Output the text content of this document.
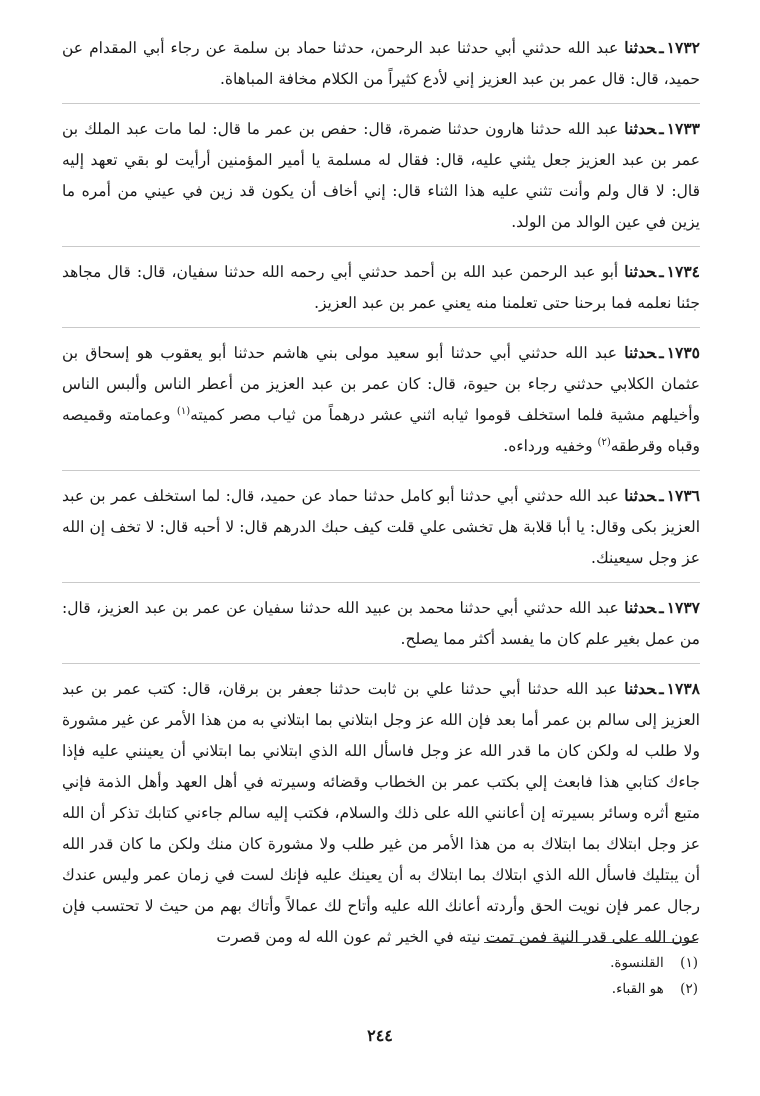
١٧٣٢ـحدثنا عبد الله حدثني أبي حدثنا عبد الرحمن، حدثنا حماد بن سلمة عن رجاء أبي المقدام عن حميد، قال: قال عمر بن عبد العزيز إني لأدع كثيراً من الكلام مخافة المباهاة.

١٧٣٣ـحدثنا عبد الله حدثنا هارون حدثنا ضمرة، قال: حفص بن عمر ما قال: لما مات عبد الملك بن عمر بن عبد العزيز جعل يثني عليه، قال: فقال له مسلمة يا أمير المؤمنين أرأيت لو بقي تعهد إليه قال: لا قال ولم وأنت تثني عليه هذا الثناء قال: إني أخاف أن يكون قد زين في عيني من أمره ما يزين في عين الوالد من الولد.

١٧٣٤ـحدثنا أبو عبد الرحمن عبد الله بن أحمد حدثني أبي رحمه الله حدثنا سفيان، قال: قال مجاهد جئنا نعلمه فما برحنا حتى تعلمنا منه يعني عمر بن عبد العزيز.

١٧٣٥ـحدثنا عبد الله حدثني أبي حدثنا أبو سعيد مولى بني هاشم حدثنا أبو يعقوب هو إسحاق بن عثمان الكلابي حدثني رجاء بن حيوة، قال: كان عمر بن عبد العزيز من أعطر الناس وألبس الناس وأخيلهم مشية فلما استخلف قوموا ثيابه اثني عشر درهماً من ثياب مصر كميته$^{(١)}$ وعمامته وقميصه وقباه وقرطقه$^{(٢)}$ وخفيه ورداءه.

١٧٣٦ـحدثنا عبد الله حدثني أبي حدثنا أبو كامل حدثنا حماد عن حميد، قال: لما استخلف عمر بن عبد العزيز بكى وقال: يا أبا قلابة هل تخشى علي قلت كيف حبك الدرهم قال: لا أحبه قال: لا تخف إن الله عز وجل سيعينك.

١٧٣٧ـحدثنا عبد الله حدثني أبي حدثنا محمد بن عبيد الله حدثنا سفيان عن عمر بن عبد العزيز، قال: من عمل بغير علم كان ما يفسد أكثر مما يصلح.

١٧٣٨ـحدثنا عبد الله حدثنا أبي حدثنا علي بن ثابت حدثنا جعفر بن برقان، قال: كتب عمر بن عبد العزيز إلى سالم بن عمر أما بعد فإن الله عز وجل ابتلاني بما ابتلاني به من هذا الأمر عن غير مشورة ولا طلب له ولكن كان ما قدر الله عز وجل فاسأل الله الذي ابتلاني بما ابتلاني أن يعينني عليه فإذا جاءك كتابي هذا فابعث إلي بكتب عمر بن الخطاب وقضائه وسيرته في أهل العهد وأهل الذمة فإني متبع أثره وسائر بسيرته إن أعانني الله على ذلك والسلام، فكتب إليه سالم جاءني كتابك تذكر أن الله عز وجل ابتلاك بما ابتلاك به من هذا الأمر من غير طلب ولا مشورة كان منك ولكن ما كان قدر الله أن يبتليك فاسأل الله الذي ابتلاك بما ابتلاك به أن يعينك عليه فإنك لست في زمان عمر وليس عندك رجال عمر فإن نويت الحق وأردته أعانك الله عليه وأتاح لك عمالاً وأتاك بهم من حيث لا تحتسب فإن عون الله على قدر النية فمن تمت نيته في الخير ثم عون الله له ومن قصرت

(١) القلنسوة.
(٢) هو القباء.
٢٤٤
